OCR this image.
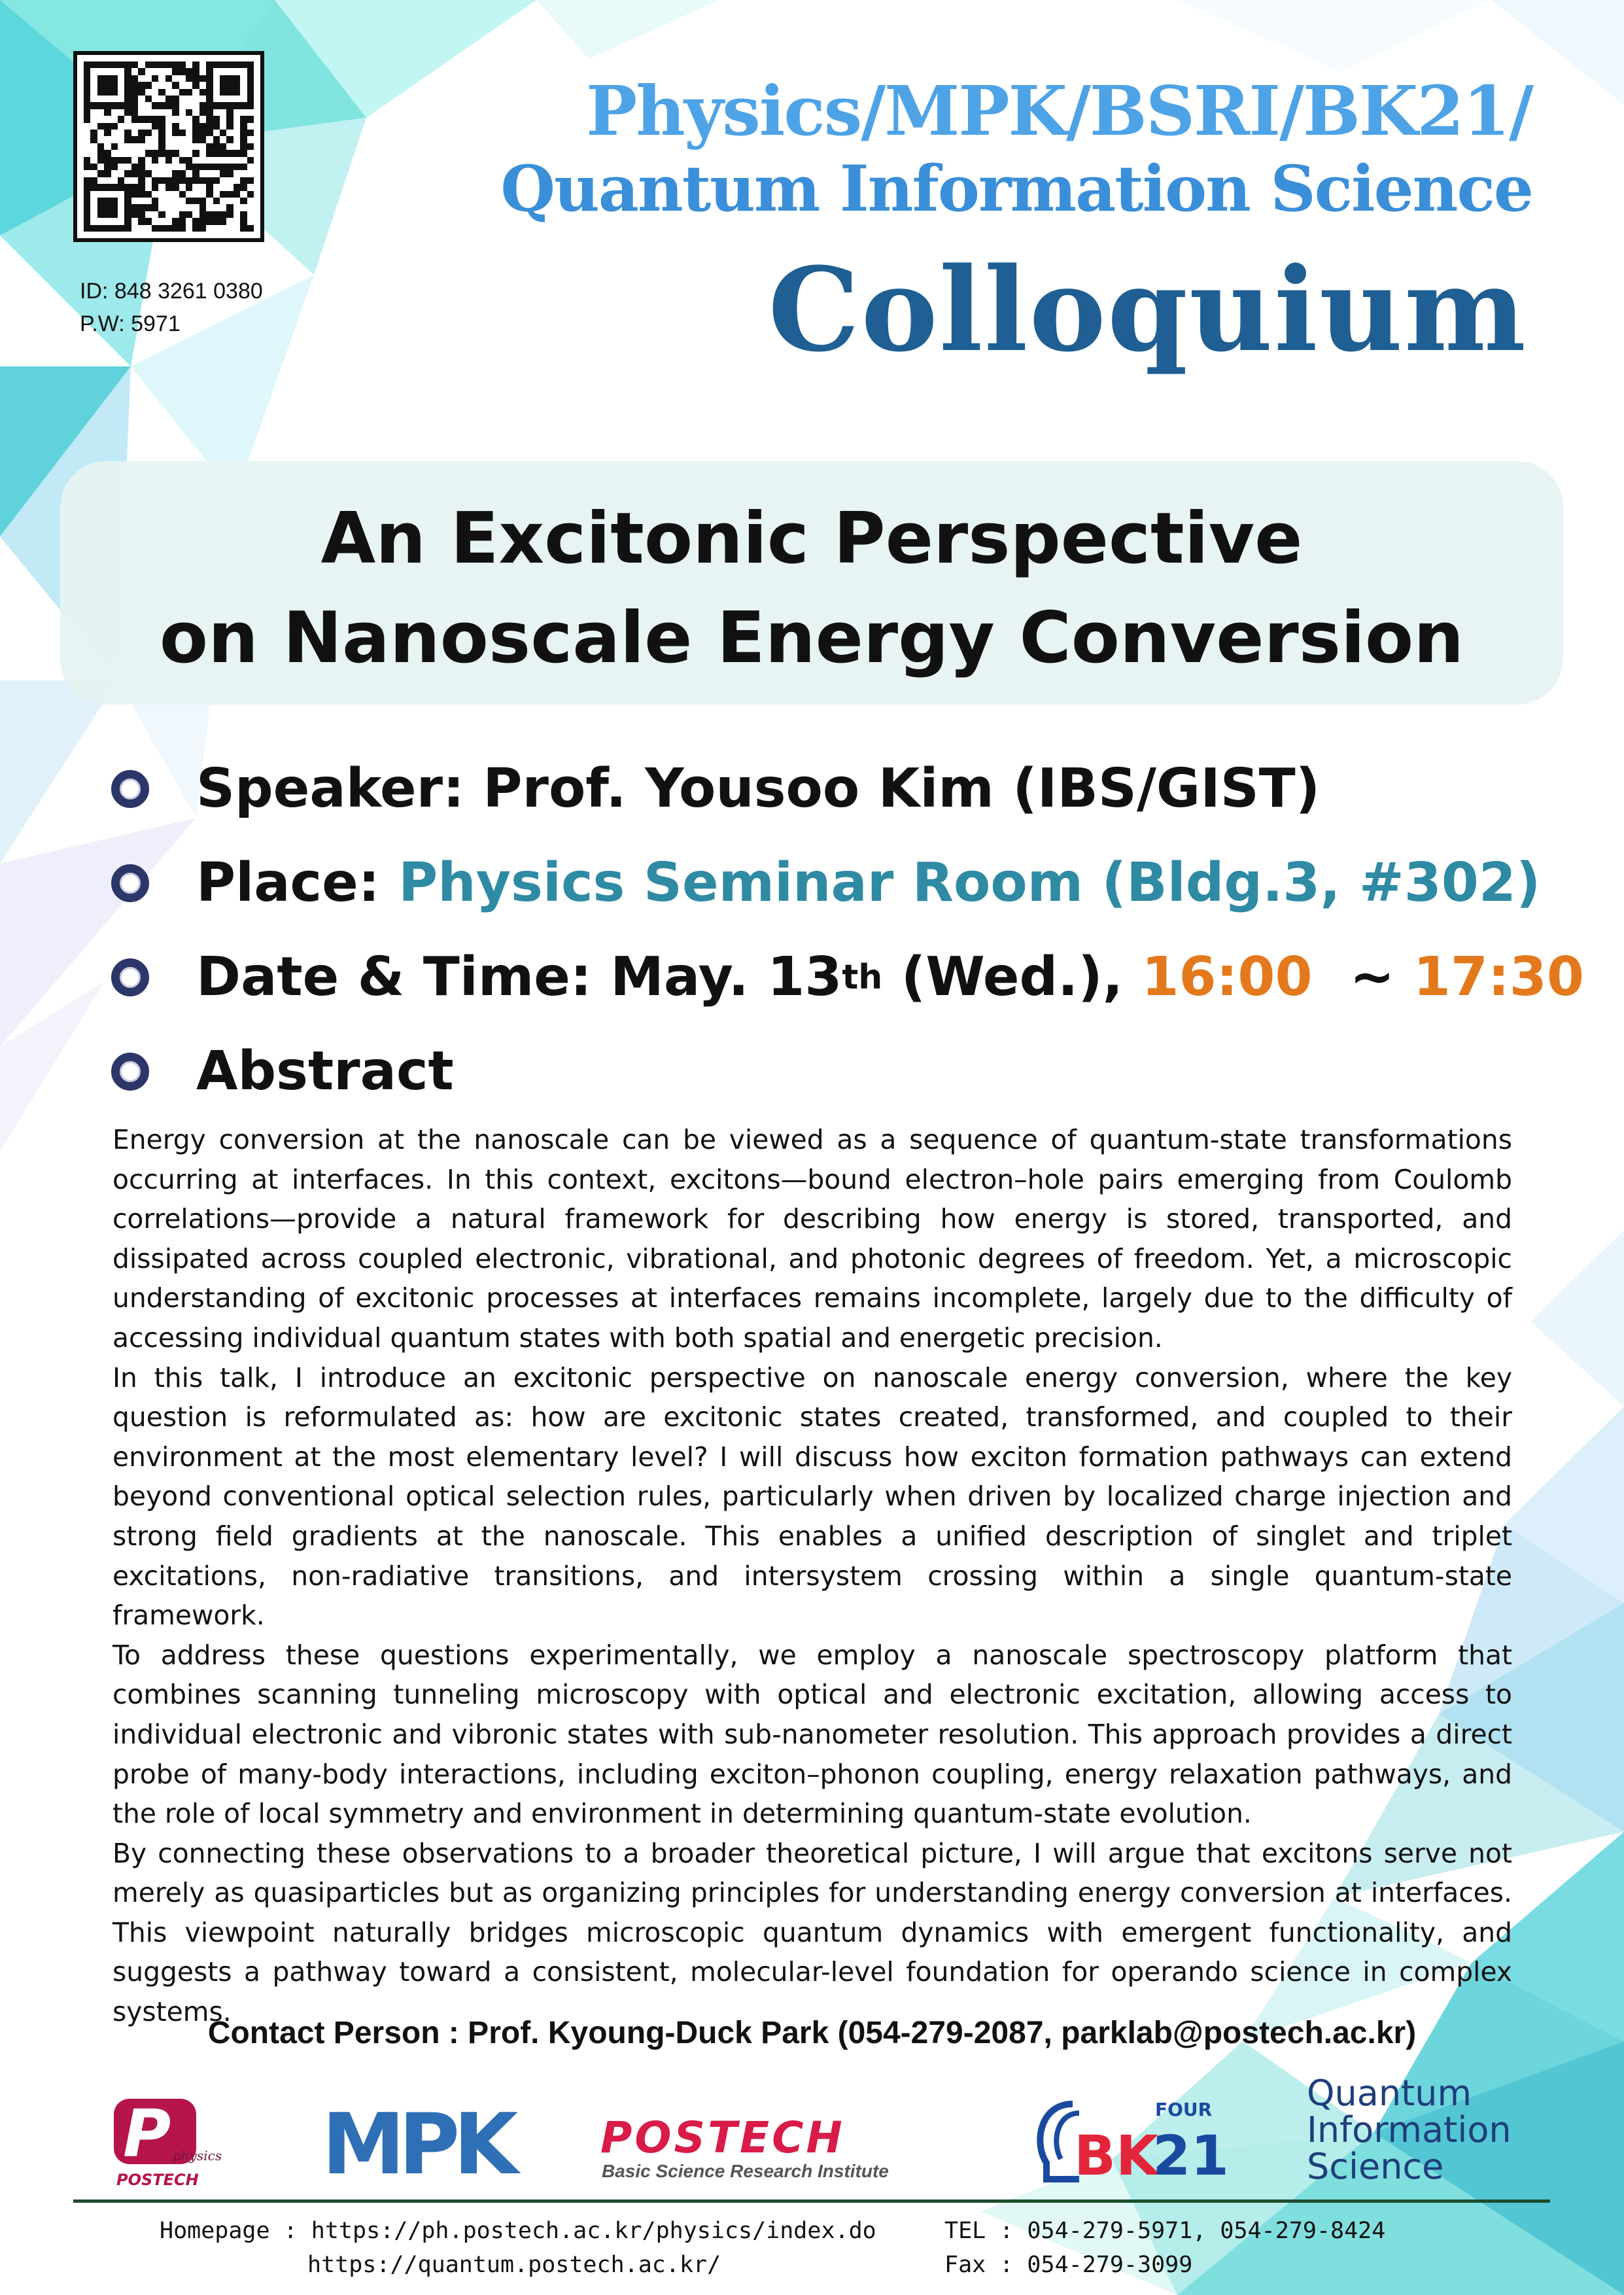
ID: 848 3261 0380
P.W: 5971
Physics/MPK/BSRI/BK21/
Quantum Information Science
Colloquium
An Excitonic Perspective
on Nanoscale Energy Conversion
Speaker: Prof. Yousoo Kim (IBS/GIST)
Place: Physics Seminar Room (Bldg.3, #302)
Date & Time: May. 13 th (Wed.), 16:00 ~ 17:30
Abstract

Energy conversion at the nanoscale can be viewed as a sequence of quantum-state transformations occurring at interfaces. In this context, excitons—bound electron–hole pairs emerging from Coulomb correlations—provide a natural framework for describing how energy is stored, transported, and dissipated across coupled electronic, vibrational, and photonic degrees of freedom. Yet, a microscopic understanding of excitonic processes at interfaces remains incomplete, largely due to the difficulty of accessing individual quantum states with both spatial and energetic precision.

In this talk, I introduce an excitonic perspective on nanoscale energy conversion, where the key question is reformulated as: how are excitonic states created, transformed, and coupled to their environment at the most elementary level? I will discuss how exciton formation pathways can extend beyond conventional optical selection rules, particularly when driven by localized charge injection and strong field gradients at the nanoscale. This enables a unified description of singlet and triplet excitations, non-radiative transitions, and intersystem crossing within a single quantum-state framework.

To address these questions experimentally, we employ a nanoscale spectroscopy platform that combines scanning tunneling microscopy with optical and electronic excitation, allowing access to individual electronic and vibronic states with sub-nanometer resolution. This approach provides a direct probe of many-body interactions, including exciton–phonon coupling, energy relaxation pathways, and the role of local symmetry and environment in determining quantum-state evolution.

By connecting these observations to a broader theoretical picture, I will argue that excitons serve not merely as quasiparticles but as organizing principles for understanding energy conversion at interfaces. This viewpoint naturally bridges microscopic quantum dynamics with emergent functionality, and suggests a pathway toward a consistent, molecular-level foundation for operando science in complex systems.

Contact Person : Prof. Kyoung-Duck Park (054-279-2087, parklab@postech.ac.kr)
P physics
POSTECH MPK POSTECH
Basic Science Research Institute
FOUR
BK
21
Quantum
Information
Science
Homepage : https://ph.postech.ac.kr/physics/index.do
https://quantum.postech.ac.kr/
TEL : 054-279-5971, 054-279-8424
Fax : 054-279-3099
